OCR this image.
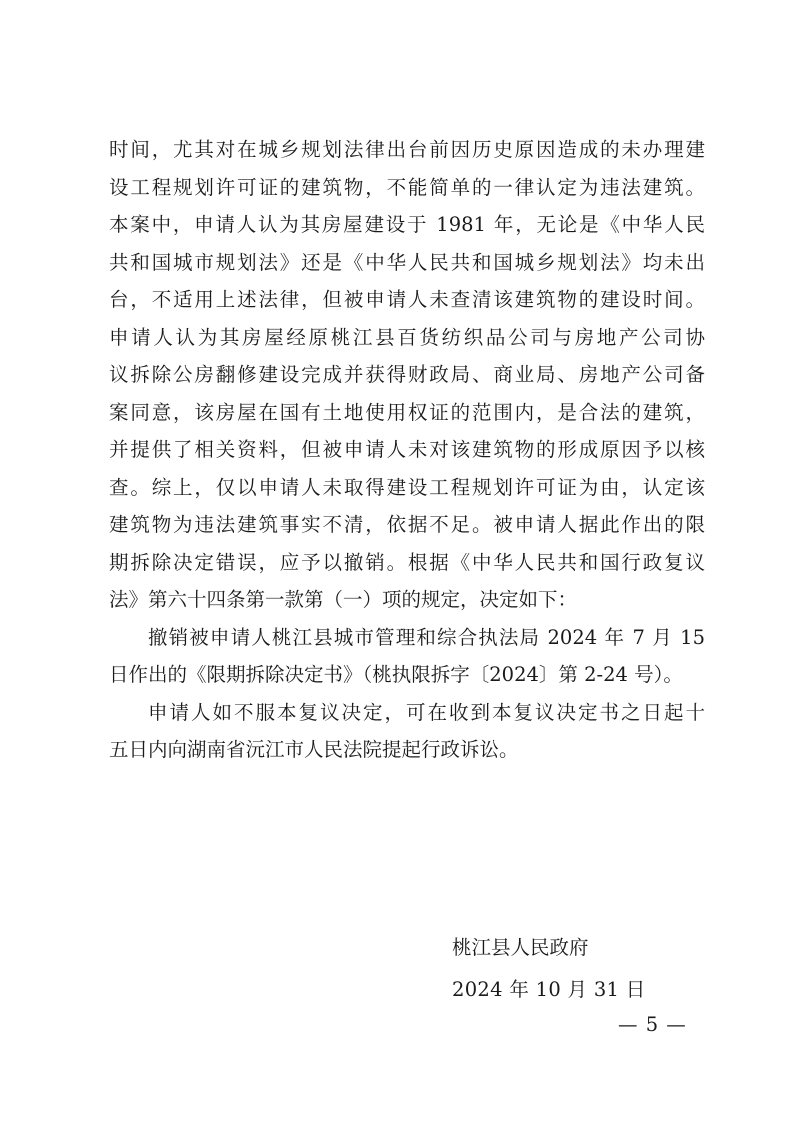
时间，尤其对在城乡规划法律出台前因历史原因造成的未办理建
设工程规划许可证的建筑物，不能简单的一律认定为违法建筑。
本案中，申请人认为其房屋建设于 1981 年，无论是《中华人民
共和国城市规划法》还是《中华人民共和国城乡规划法》均未出
台，不适用上述法律，但被申请人未查清该建筑物的建设时间。
申请人认为其房屋经原桃江县百货纺织品公司与房地产公司协
议拆除公房翻修建设完成并获得财政局、商业局、房地产公司备
案同意，该房屋在国有土地使用权证的范围内，是合法的建筑，
并提供了相关资料，但被申请人未对该建筑物的形成原因予以核
查。综上，仅以申请人未取得建设工程规划许可证为由，认定该
建筑物为违法建筑事实不清，依据不足。被申请人据此作出的限
期拆除决定错误，应予以撤销。根据《中华人民共和国行政复议
法》第六十四条第一款第（一）项的规定，决定如下：
撤销被申请人桃江县城市管理和综合执法局 2024 年 7 月 15
日作出的《限期拆除决定书》（桃执限拆字〔2024〕第 2-24 号）。
申请人如不服本复议决定，可在收到本复议决定书之日起十
五日内向湖南省沅江市人民法院提起行政诉讼。
桃江县人民政府
2024 年 10 月 31 日
— 5 —
